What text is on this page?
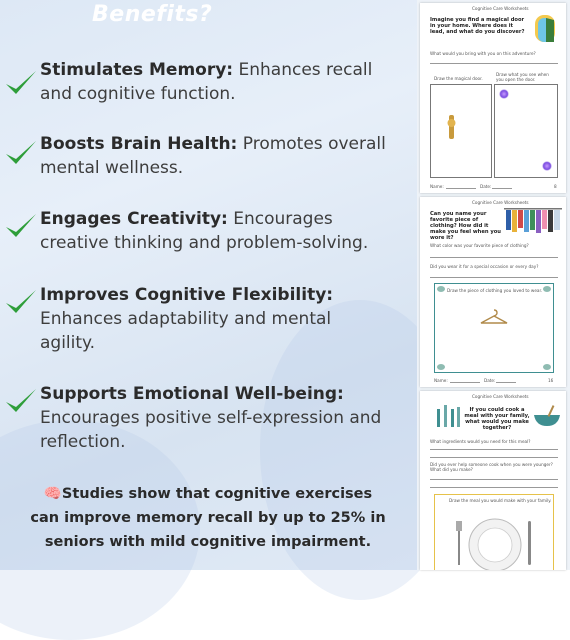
Benefits?
Stimulates Memory: Enhances recall
and cognitive function.
Boosts Brain Health: Promotes overall
mental wellness.
Engages Creativity: Encourages
creative thinking and problem-solving.
Improves Cognitive Flexibility:
Enhances adaptability and mental
agility.
Supports Emotional Well-being:
Encourages positive self-expression and
reflection.
🧠Studies show that cognitive exercises
can improve memory recall by up to 25% in
seniors with mild cognitive impairment.
Cognitive Care Worksheets
Imagine you find a magical door in your home. Where does it lead, and what do you discover?
What would you bring with you on this adventure?
Draw the magical door.
Draw what you see when you open the door.
Name:	Date:	8
Cognitive Care Worksheets
Can you name your favorite piece of clothing? How did it make you feel when you wore it?
What color was your favorite piece of clothing?
Did you wear it for a special occasion or every day?
Draw the piece of clothing you loved to wear.
Name:	Date:	16
Cognitive Care Worksheets
If you could cook a meal with your family, what would you make together?
What ingredients would you need for this meal?
Did you ever help someone cook when you were younger? What did you make?
Draw the meal you would make with your family.
